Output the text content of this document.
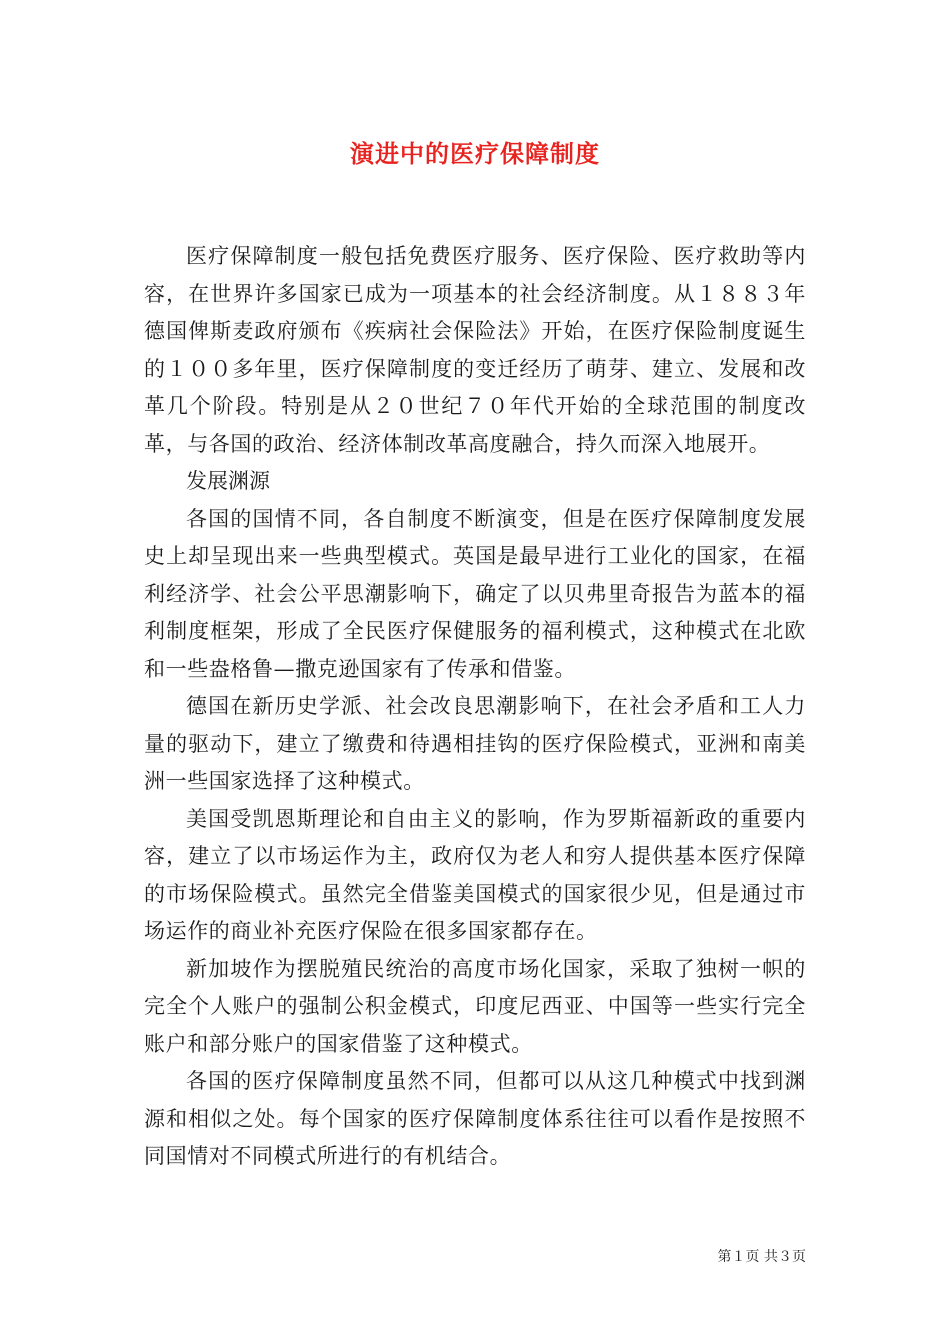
演进中的医疗保障制度

医疗保障制度一般包括免费医疗服务、医疗保险、医疗救助等内容，在世界许多国家已成为一项基本的社会经济制度。从１８８３年德国俾斯麦政府颁布《疾病社会保险法》开始，在医疗保险制度诞生的１００多年里，医疗保障制度的变迁经历了萌芽、建立、发展和改革几个阶段。特别是从２０世纪７０年代开始的全球范围的制度改革，与各国的政治、经济体制改革高度融合，持久而深入地展开。

发展渊源

各国的国情不同，各自制度不断演变，但是在医疗保障制度发展史上却呈现出来一些典型模式。英国是最早进行工业化的国家，在福利经济学、社会公平思潮影响下，确定了以贝弗里奇报告为蓝本的福利制度框架，形成了全民医疗保健服务的福利模式，这种模式在北欧和一些盎格鲁—撒克逊国家有了传承和借鉴。

德国在新历史学派、社会改良思潮影响下，在社会矛盾和工人力量的驱动下，建立了缴费和待遇相挂钩的医疗保险模式，亚洲和南美洲一些国家选择了这种模式。

美国受凯恩斯理论和自由主义的影响，作为罗斯福新政的重要内容，建立了以市场运作为主，政府仅为老人和穷人提供基本医疗保障的市场保险模式。虽然完全借鉴美国模式的国家很少见，但是通过市场运作的商业补充医疗保险在很多国家都存在。

新加坡作为摆脱殖民统治的高度市场化国家，采取了独树一帜的完全个人账户的强制公积金模式，印度尼西亚、中国等一些实行完全账户和部分账户的国家借鉴了这种模式。

各国的医疗保障制度虽然不同，但都可以从这几种模式中找到渊源和相似之处。每个国家的医疗保障制度体系往往可以看作是按照不同国情对不同模式所进行的有机结合。

第１页 共３页
